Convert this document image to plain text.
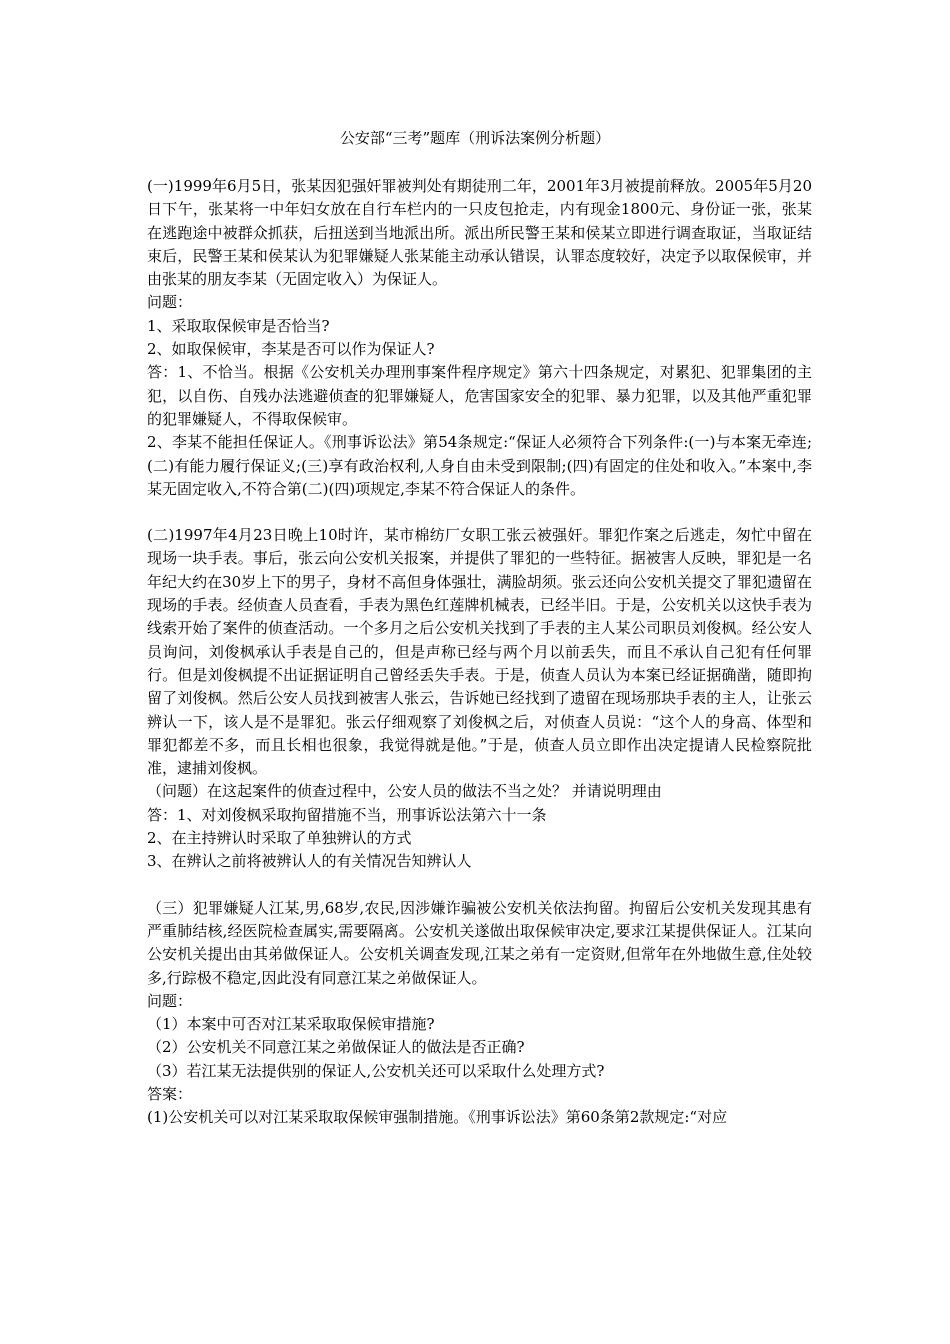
公安部“三考”题库（刑诉法案例分析题）

(一)1999年6月5日，张某因犯强奸罪被判处有期徒刑二年，2001年3月被提前释放。2005年5月20日下午，张某将一中年妇女放在自行车栏内的一只皮包抢走，内有现金1800元、身份证一张，张某在逃跑途中被群众抓获，后扭送到当地派出所。派出所民警王某和侯某立即进行调查取证，当取证结束后，民警王某和侯某认为犯罪嫌疑人张某能主动承认错误，认罪态度较好，决定予以取保候审，并由张某的朋友李某（无固定收入）为保证人。

问题：

1、采取取保候审是否恰当?

2、如取保候审，李某是否可以作为保证人?

答：1、不恰当。根据《公安机关办理刑事案件程序规定》第六十四条规定，对累犯、犯罪集团的主犯，以自伤、自残办法逃避侦查的犯罪嫌疑人，危害国家安全的犯罪、暴力犯罪，以及其他严重犯罪的犯罪嫌疑人，不得取保候审。

2、李某不能担任保证人。《刑事诉讼法》第54条规定:“保证人必须符合下列条件:(一)与本案无牵连;(二)有能力履行保证义;(三)享有政治权利,人身自由未受到限制;(四)有固定的住处和收入。”本案中,李某无固定收入,不符合第(二)(四)项规定,李某不符合保证人的条件。

(二)1997年4月23日晚上10时许，某市棉纺厂女职工张云被强奸。罪犯作案之后逃走，匆忙中留在现场一块手表。事后，张云向公安机关报案，并提供了罪犯的一些特征。据被害人反映，罪犯是一名年纪大约在30岁上下的男子，身材不高但身体强壮，满脸胡须。张云还向公安机关提交了罪犯遗留在现场的手表。经侦查人员查看，手表为黑色红莲牌机械表，已经半旧。于是，公安机关以这快手表为线索开始了案件的侦查活动。一个多月之后公安机关找到了手表的主人某公司职员刘俊枫。经公安人员询问，刘俊枫承认手表是自己的，但是声称已经与两个月以前丢失，而且不承认自己犯有任何罪行。但是刘俊枫提不出证据证明自己曾经丢失手表。于是，侦查人员认为本案已经证据确凿，随即拘留了刘俊枫。然后公安人员找到被害人张云，告诉她已经找到了遗留在现场那块手表的主人，让张云辨认一下，该人是不是罪犯。张云仔细观察了刘俊枫之后，对侦查人员说：“这个人的身高、体型和罪犯都差不多，而且长相也很象，我觉得就是他。”于是，侦查人员立即作出决定提请人民检察院批准，逮捕刘俊枫。

（问题）在这起案件的侦查过程中，公安人员的做法不当之处？ 并请说明理由

答：1、对刘俊枫采取拘留措施不当，刑事诉讼法第六十一条

2、在主持辨认时采取了单独辨认的方式

3、在辨认之前将被辨认人的有关情况告知辨认人

（三）犯罪嫌疑人江某,男,68岁,农民,因涉嫌诈骗被公安机关依法拘留。拘留后公安机关发现其患有严重肺结核,经医院检查属实,需要隔离。公安机关遂做出取保候审决定,要求江某提供保证人。江某向公安机关提出由其弟做保证人。公安机关调查发现,江某之弟有一定资财,但常年在外地做生意,住处较多,行踪极不稳定,因此没有同意江某之弟做保证人。

问题：

（1）本案中可否对江某采取取保候审措施?

（2）公安机关不同意江某之弟做保证人的做法是否正确?

（3）若江某无法提供别的保证人,公安机关还可以采取什么处理方式?

答案：

(1)公安机关可以对江某采取取保候审强制措施。《刑事诉讼法》第60条第2款规定:“对应
